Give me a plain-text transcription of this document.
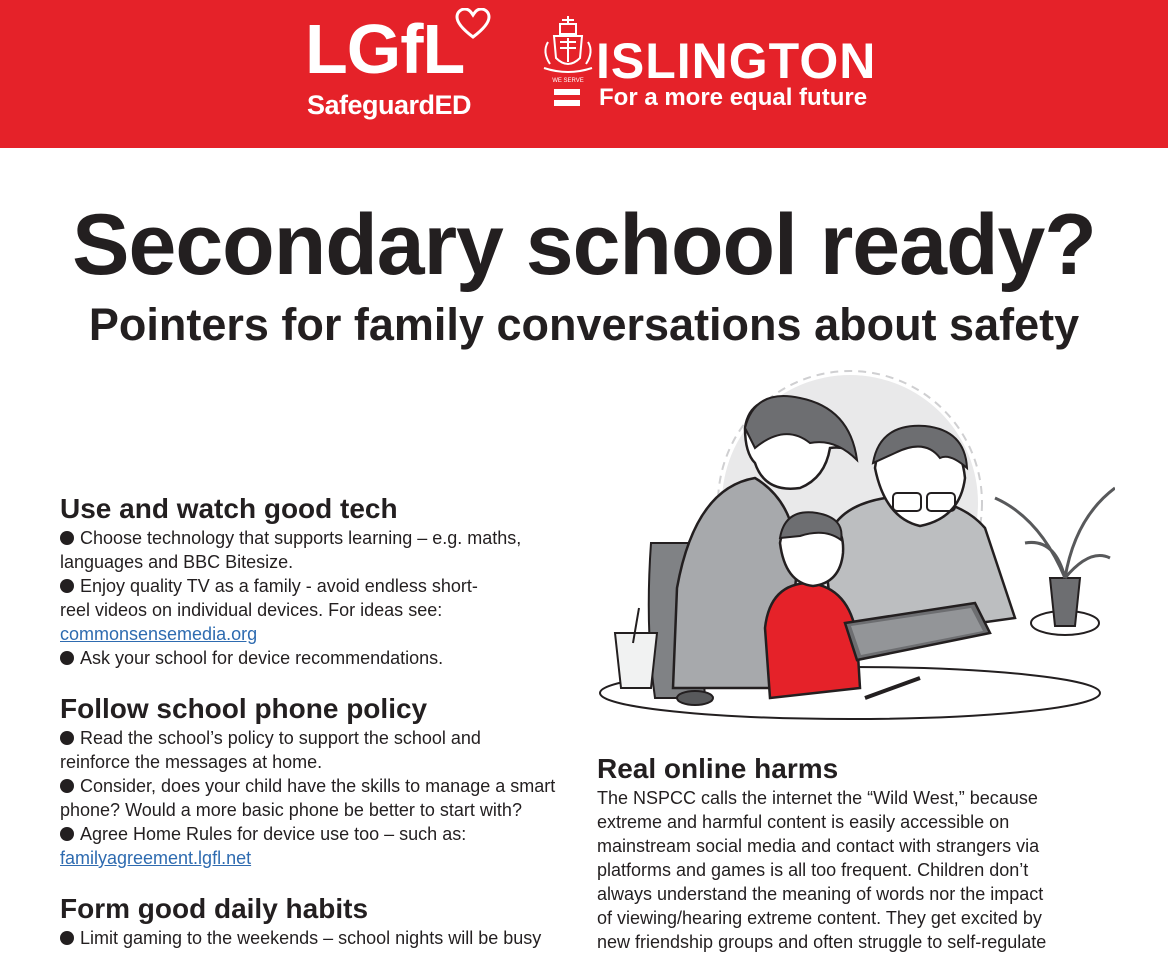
LGfL
SafeguardED
WE SERVE ISLINGTON
For a more equal future
Secondary school ready?
Pointers for family conversations about safety
Use and watch good tech
Choose technology that supports learning – e.g. maths,
languages and BBC Bitesize.
Enjoy quality TV as a family - avoid endless short-
reel videos on individual devices. For ideas see:
commonsensemedia.org
Ask your school for device recommendations.
Follow school phone policy
Read the school’s policy to support the school and
reinforce the messages at home.
Consider, does your child have the skills to manage a smart
phone? Would a more basic phone be better to start with?
Agree Home Rules for device use too – such as:
familyagreement.lgfl.net
Form good daily habits
Limit gaming to the weekends – school nights will be busy
Real online harms
The NSPCC calls the internet the “Wild West,” because
extreme and harmful content is easily accessible on
mainstream social media and contact with strangers via
platforms and games is all too frequent. Children don’t
always understand the meaning of words nor the impact
of viewing/hearing extreme content. They get excited by
new friendship groups and often struggle to self-regulate
